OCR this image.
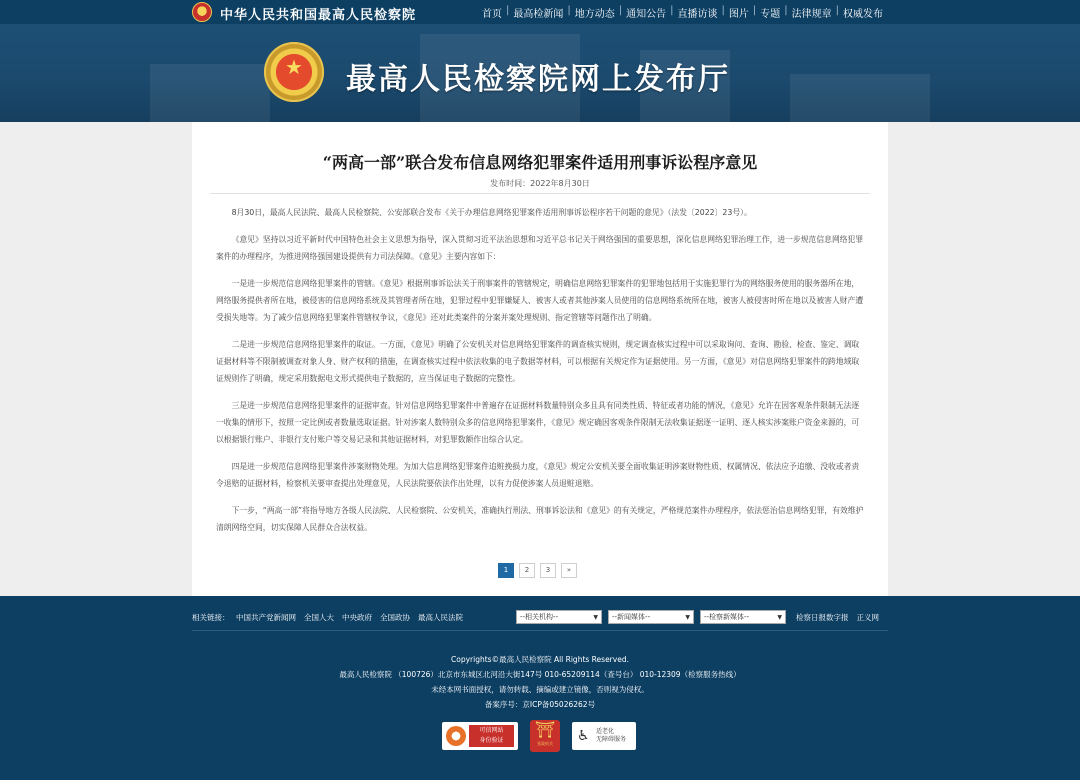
中华人民共和国最高人民检察院	首页 | 最高检新闻 | 地方动态 | 通知公告 | 直播访谈 | 图片 | 专题 | 法律规章 | 权威发布
★ 最高人民检察院网上发布厅
“两高一部”联合发布信息网络犯罪案件适用刑事诉讼程序意见
发布时间：2022年8月30日

8月30日，最高人民法院、最高人民检察院、公安部联合发布《关于办理信息网络犯罪案件适用刑事诉讼程序若干问题的意见》（法发〔2022〕23号）。

《意见》坚持以习近平新时代中国特色社会主义思想为指导，深入贯彻习近平法治思想和习近平总书记关于网络强国的重要思想，深化信息网络犯罪治理工作，进一步规范信息网络犯罪案件的办理程序，为推进网络强国建设提供有力司法保障。《意见》主要内容如下：

一是进一步规范信息网络犯罪案件的管辖。《意见》根据刑事诉讼法关于刑事案件的管辖规定，明确信息网络犯罪案件的犯罪地包括用于实施犯罪行为的网络服务使用的服务器所在地，网络服务提供者所在地，被侵害的信息网络系统及其管理者所在地，犯罪过程中犯罪嫌疑人、被害人或者其他涉案人员使用的信息网络系统所在地，被害人被侵害时所在地以及被害人财产遭受损失地等。为了减少信息网络犯罪案件管辖权争议，《意见》还对此类案件的分案并案处理规则、指定管辖等问题作出了明确。

二是进一步规范信息网络犯罪案件的取证。一方面，《意见》明确了公安机关对信息网络犯罪案件的调查核实规则，规定调查核实过程中可以采取询问、查询、勘验、检查、鉴定、调取证据材料等不限制被调查对象人身、财产权利的措施，在调查核实过程中依法收集的电子数据等材料，可以根据有关规定作为证据使用。另一方面，《意见》对信息网络犯罪案件的跨地域取证规则作了明确，规定采用数据电文形式提供电子数据的，应当保证电子数据的完整性。

三是进一步规范信息网络犯罪案件的证据审查。针对信息网络犯罪案件中普遍存在证据材料数量特别众多且具有同类性质、特征或者功能的情况，《意见》允许在因客观条件限制无法逐一收集的情形下，按照一定比例或者数量选取证据。针对涉案人数特别众多的信息网络犯罪案件，《意见》规定确因客观条件限制无法收集证据逐一证明、逐人核实涉案账户资金来源的，可以根据银行账户、非银行支付账户等交易记录和其他证据材料，对犯罪数额作出综合认定。

四是进一步规范信息网络犯罪案件涉案财物处理。为加大信息网络犯罪案件追赃挽损力度，《意见》规定公安机关要全面收集证明涉案财物性质、权属情况、依法应予追缴、没收或者责令退赔的证据材料，检察机关要审查提出处理意见，人民法院要依法作出处理，以有力促使涉案人员退赃退赔。

下一步，“两高一部”将指导地方各级人民法院、人民检察院、公安机关，准确执行刑法、刑事诉讼法和《意见》的有关规定，严格规范案件办理程序，依法惩治信息网络犯罪，有效维护清朗网络空间，切实保障人民群众合法权益。

1	2	3	»
相关链接： 中国共产党新闻网 全国人大 中央政府 全国政协 最高人民法院	--相关机构--	▼	--新闻媒体--	▼	--检察新媒体--	▼ 检察日报数字报 正义网
Copyrights©最高人民检察院 All Rights Reserved.
最高人民检察院 （100726）北京市东城区北河沿大街147号 010-65209114（查号台） 010-12309（检察服务热线）
未经本网书面授权，请勿转载、摘编或建立镜像，否则视为侵权。
备案序号：京ICP备05026262号
可信网站
身份验证
⛩
党政机关	♿ 适老化
无障碍服务
